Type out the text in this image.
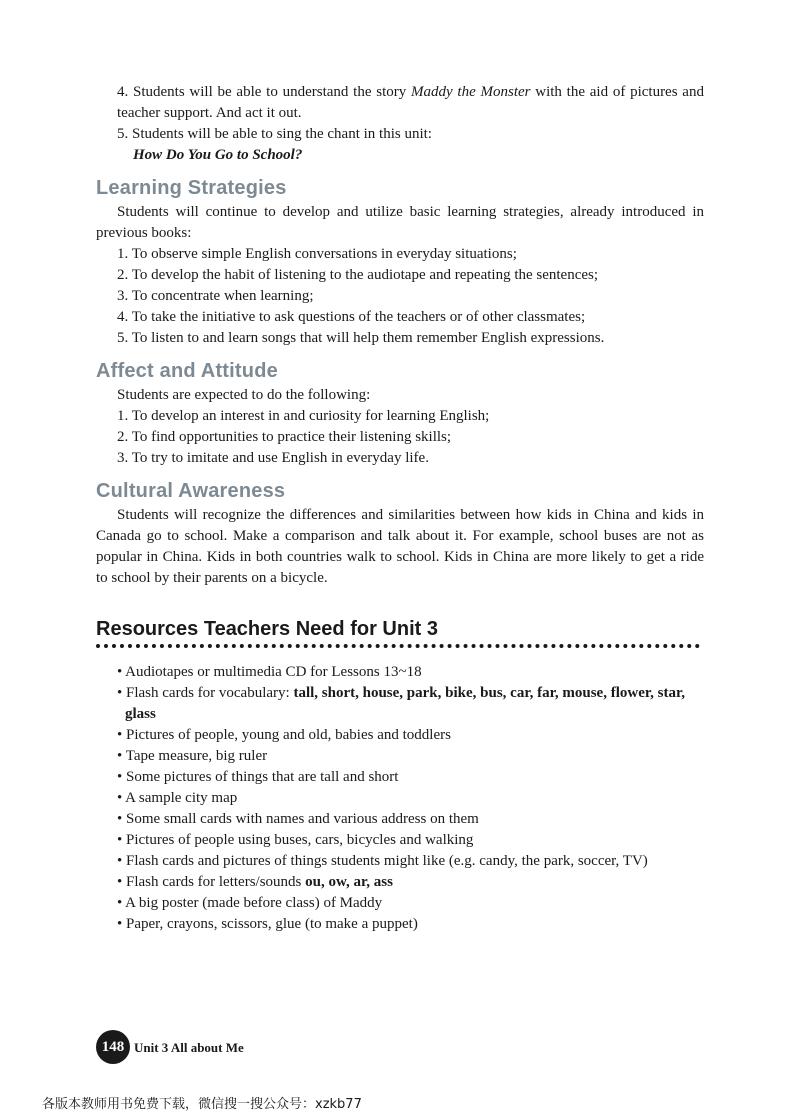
4. Students will be able to understand the story Maddy the Monster with the aid of pictures and teacher support. And act it out.

5. Students will be able to sing the chant in this unit:

How Do You Go to School?

Learning Strategies

Students will continue to develop and utilize basic learning strategies, already introduced in previous books:

1. To observe simple English conversations in everyday situations;

2. To develop the habit of listening to the audiotape and repeating the sentences;

3. To concentrate when learning;

4. To take the initiative to ask questions of the teachers or of other classmates;

5. To listen to and learn songs that will help them remember English expressions.

Affect and Attitude

Students are expected to do the following:

1. To develop an interest in and curiosity for learning English;

2. To find opportunities to practice their listening skills;

3. To try to imitate and use English in everyday life.

Cultural Awareness

Students will recognize the differences and similarities between how kids in China and kids in Canada go to school. Make a comparison and talk about it. For example, school buses are not as popular in China. Kids in both countries walk to school. Kids in China are more likely to get a ride to school by their parents on a bicycle.

Resources Teachers Need for Unit 3
• Audiotapes or multimedia CD for Lessons 13~18
• Flash cards for vocabulary: tall, short, house, park, bike, bus, car, far, mouse, flower, star, glass
• Pictures of people, young and old, babies and toddlers
• Tape measure, big ruler
• Some pictures of things that are tall and short
• A sample city map
• Some small cards with names and various address on them
• Pictures of people using buses, cars, bicycles and walking
• Flash cards and pictures of things students might like (e.g. candy, the park, soccer, TV)
• Flash cards for letters/sounds ou, ow, ar, ass
• A big poster (made before class) of Maddy
• Paper, crayons, scissors, glue (to make a puppet)
148 Unit 3 All about Me
各版本教师用书免费下载，微信搜一搜公众号：xzkb77
